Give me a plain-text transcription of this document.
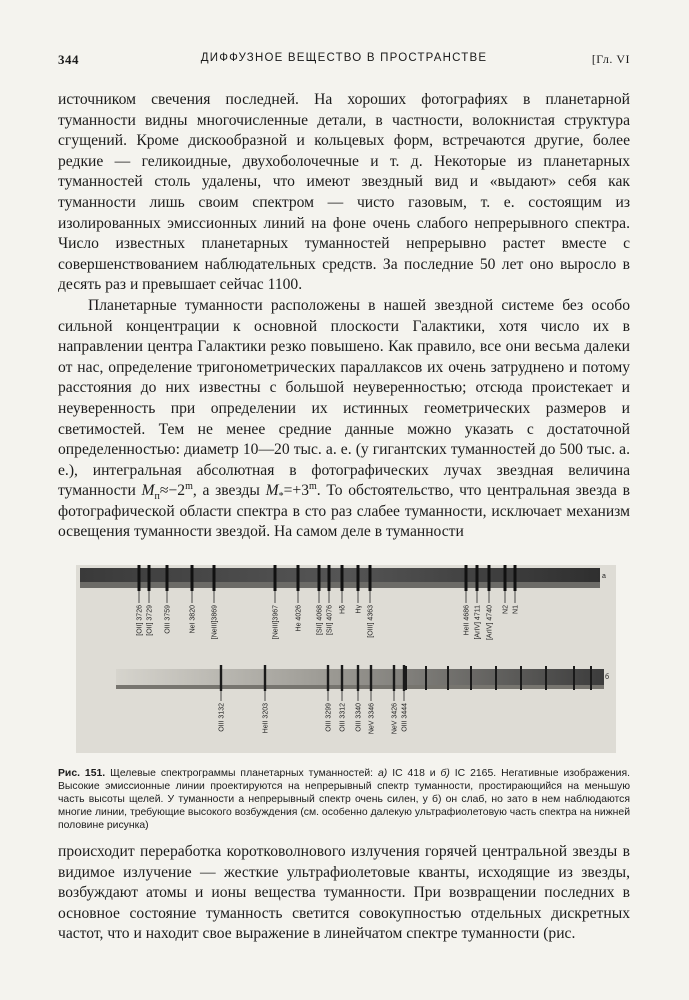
344	ДИФФУЗНОЕ ВЕЩЕСТВО В ПРОСТРАНСТВЕ	[Гл. VI

источником свечения последней. На хороших фотографиях в планетарной туманности видны многочисленные детали, в частности, волокнистая структура сгущений. Кроме дискообразной и кольцевых форм, встречаются другие, более редкие — геликоидные, двухоболочечные и т. д. Некоторые из планетарных туманностей столь удалены, что имеют звездный вид и «выдают» себя как туманности лишь своим спектром — чисто газовым, т. е. состоящим из изолированных эмиссионных линий на фоне очень слабого непрерывного спектра. Число известных планетарных туманностей непрерывно растет вместе с совершенствованием наблюдательных средств. За последние 50 лет оно выросло в десять раз и превышает сейчас 1100.

Планетарные туманности расположены в нашей звездной системе без особо сильной концентрации к основной плоскости Галактики, хотя число их в направлении центра Галактики резко повышено. Как правило, все они весьма далеки от нас, определение тригонометрических параллаксов их очень затруднено и потому расстояния до них известны с большой неуверенностью; отсюда проистекает и неуверенность при определении их истинных геометрических размеров и светимостей. Тем не менее средние данные можно указать с достаточной определенностью: диаметр 10—20 тыс. а. е. (у гигантских туманностей до 500 тыс. а. е.), интегральная абсолютная в фотографических лучах звездная величина туманности $M_п\approx-2^m$, а звезды $M_*=+3^m$. То обстоятельство, что центральная звезда в фотографической области спектра в сто раз слабее туманности, исключает механизм освещения туманности звездой. На самом деле в туманности

a
[OII] 3726 [OII] 3729 OIII 3759	NeI 3820 [NeIII]3869	[NeIII]3967 He 4026 [SII] 4068 [SII] 4076 Hδ Hγ [OIII] 4363	HeII 4686 [ArIV] 4711 [ArIV] 4740 N2 N1
б
OIII 3132	HeII 3203	OIII 3299 OIII 3312 OIII 3340 NeV 3346 NeV 3426 OIII 3444
Рис. 151. Щелевые спектрограммы планетарных туманностей: а) IC 418 и б) IC 2165. Негативные изображения. Высокие эмиссионные линии проектируются на непрерывный спектр туманности, простирающийся на меньшую часть высоты щелей. У туманности а непрерывный спектр очень силен, у б) он слаб, но зато в нем наблюдаются многие линии, требующие высокого возбуждения (см. особенно далекую ультрафиолетовую часть спектра на нижней половине рисунка)

происходит переработка коротковолнового излучения горячей центральной звезды в видимое излучение — жесткие ультрафиолетовые кванты, исходящие из звезды, возбуждают атомы и ионы вещества туманности. При возвращении последних в основное состояние туманность светится совокупностью отдельных дискретных частот, что и находит свое выражение в линейчатом спектре туманности (рис.
